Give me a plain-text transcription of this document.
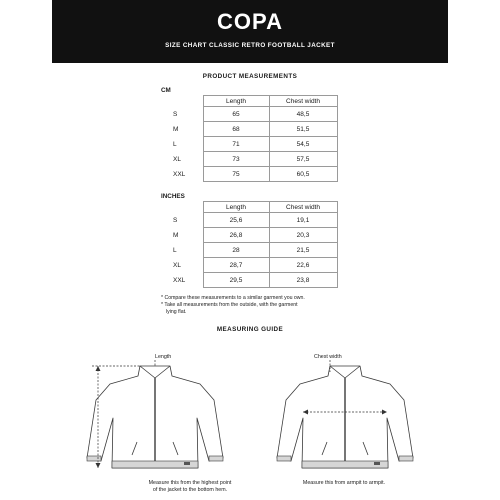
COPA
SIZE CHART CLASSIC RETRO FOOTBALL JACKET
PRODUCT MEASUREMENTS
CM
	Length	Chest width
S	65	48,5
M	68	51,5
L	71	54,5
XL	73	57,5
XXL	75	60,5
INCHES
	Length	Chest width
S	25,6	19,1
M	26,8	20,3
L	28	21,5
XL	28,7	22,6
XXL	29,5	23,8
* Compare these measurements to a similar garment you own.
* Take all measurements from the outside, with the garment
lying flat.
MEASURING GUIDE
Length
Measure this from the highest point
of the jacket to the bottom hem.
Chest width
Measure this from armpit to armpit.
